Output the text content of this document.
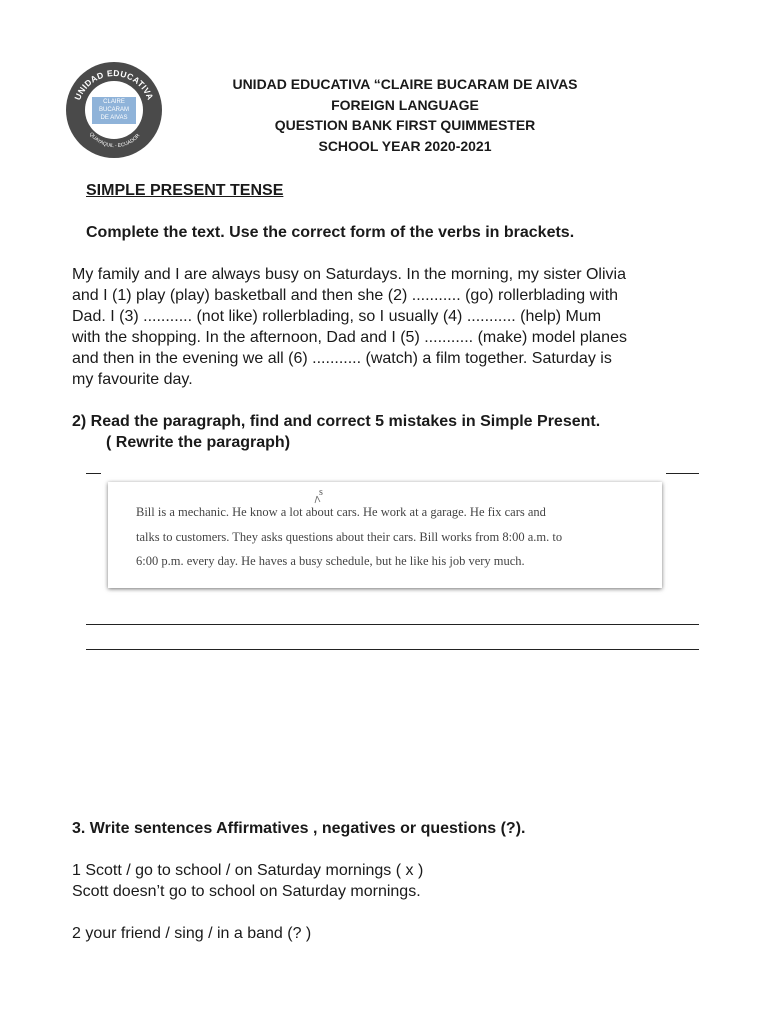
UNIDAD EDUCATIVA
QUAYAQUIL - ECUADOR
CLAIRE
BUCARAM
DE AIVAS
UNIDAD EDUCATIVA “CLAIRE BUCARAM DE AIVAS
FOREIGN LANGUAGE
QUESTION BANK FIRST QUIMMESTER
SCHOOL YEAR 2020-2021
SIMPLE PRESENT TENSE
Complete the text. Use the correct form of the verbs in brackets.
My family and I are always busy on Saturdays. In the morning, my sister Olivia
and I (1) play (play) basketball and then she (2) ........... (go) rollerblading with
Dad. I (3) ........... (not like) rollerblading, so I usually (4) ........... (help) Mum
with the shopping. In the afternoon, Dad and I (5) ........... (make) model planes
and then in the evening we all (6) ........... (watch) a film together. Saturday is
my favourite day.
2) Read the paragraph, find and correct 5 mistakes in Simple Present.
( Rewrite the paragraph)
s
Bill is a mechanic. He know a lot about cars. He work at a garage. He fix cars and
talks to customers. They asks questions about their cars. Bill works from 8:00 a.m. to
6:00 p.m. every day. He haves a busy schedule, but he like his job very much.
3. Write sentences Affirmatives , negatives or questions (?).
1 Scott / go to school / on Saturday mornings ( x )
Scott doesn’t go to school on Saturday mornings.
2 your friend / sing / in a band (? )
